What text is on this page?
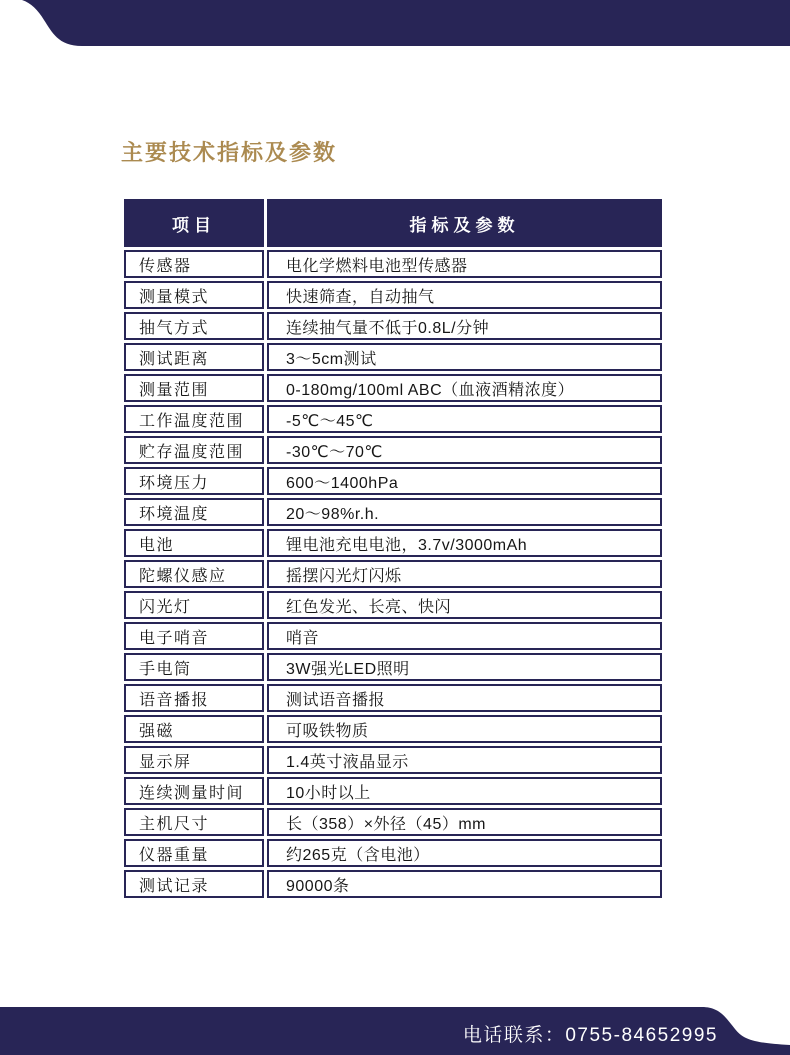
主要技术指标及参数
项目	指标及参数
传感器	电化学燃料电池型传感器
测量模式	快速筛查，自动抽气
抽气方式	连续抽气量不低于0.8L/分钟
测试距离	3～5cm测试
测量范围	0-180mg/100ml ABC（血液酒精浓度）
工作温度范围	-5℃～45℃
贮存温度范围	-30℃～70℃
环境压力	600～1400hPa
环境温度	20～98%r.h.
电池	锂电池充电电池，3.7v/3000mAh
陀螺仪感应	摇摆闪光灯闪烁
闪光灯	红色发光、长亮、快闪
电子哨音	哨音
手电筒	3W强光LED照明
语音播报	测试语音播报
强磁	可吸铁物质
显示屏	1.4英寸液晶显示
连续测量时间	10小时以上
主机尺寸	长（358）×外径（45）mm
仪器重量	约265克（含电池）
测试记录	90000条
电话联系：0755-84652995
